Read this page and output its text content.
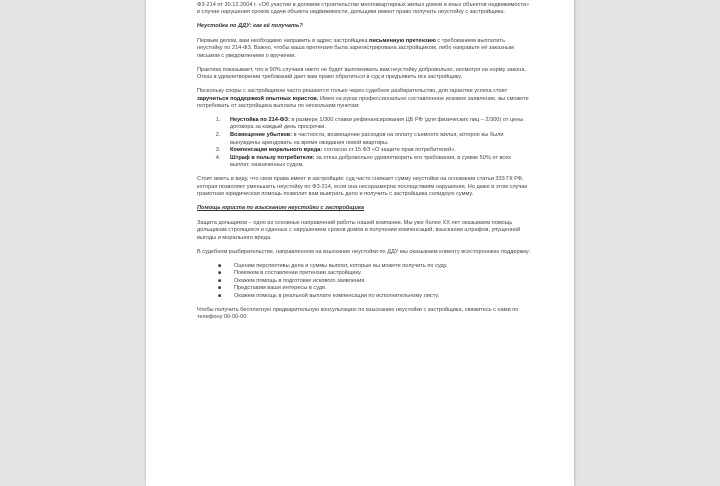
ФЗ-214 от 30.12.2004 г. «Об участии в долевом строительстве многоквартирных жилых домов и иных объектов недвижимости» в случае нарушения сроков сдачи объекта недвижимости, дольщики имеют право получать неустойку с застройщика.

Неустойка по ДДУ: как её получать?

Первым делом, вам необходимо направить в адрес застройщика письменную претензию с требованием выплатить неустойку по 214-ФЗ. Важно, чтобы ваша претензия была зарегистрирована застройщиком, либо направьте её заказным письмом с уведомлением о вручении.

Практика показывает, что в 90% случаев никто не будет выплачивать вам неустойку добровольно, несмотря на норму закона. Отказ в удовлетворении требований дает вам право обратиться в суд и предъявить иск застройщику.

Поскольку споры с застройщиком часто решаются только через судебное разбирательство, для гарантии успеха стоит заручиться поддержкой опытных юристов. Имея на руках профессионально составленное исковое заявление, вы сможете потребовать от застройщика выплаты по нескольким пунктам:

1. Неустойка по 214-ФЗ: в размере 1/300 ставки рефинансирования ЦБ РФ (для физических лиц – 2/300) от цены договора за каждый день просрочки.
2. Возмещение убытков: в частности, возмещение расходов на оплату съемного жилья, которое вы были вынуждены арендовать на время ожидания новой квартиры.
3. Компенсация морального вреда: согласно ст.15 ФЗ «О защите прав потребителей».
4. Штраф в пользу потребителя: за отказ добровольно удовлетворить его требования, в сумме 50% от всех выплат, назначенных судом.

Стоит иметь в виду, что свои права имеет и застройщик: суд часто снижает сумму неустойки на основании статьи 333 ГК РФ, которая позволяет уменьшить неустойку по ФЗ-214, если она несоразмерна последствиям нарушения. Но даже в этом случае грамотная юридическая помощь позволит вам выиграть дело и получить с застройщика солидную сумму.

Помощь юриста по взысканию неустойки с застройщика

Защита дольщиков – одно из основных направлений работы нашей компании. Мы уже более XX лет оказываем помощь дольщикам строящихся и сданных с нарушением сроков домов в получении компенсаций, взыскании штрафов, упущенной выгоды и морального вреда.

В судебном разбирательстве, направленном на взыскание неустойки по ДДУ мы оказываем клиенту всестороннюю поддержку:

■ Оценим перспективы дела и суммы выплат, которые вы можете получить по суду.
■ Поможем в составлении претензии застройщику.
■ Окажем помощь в подготовке искового заявления.
■ Представим ваши интересы в суде.
■ Окажем помощь в реальной выплате компенсации по исполнительному листу.

Чтобы получить бесплатную предварительную консультацию по взысканию неустойки с застройщика, свяжитесь с нами по телефону 00-00-00
